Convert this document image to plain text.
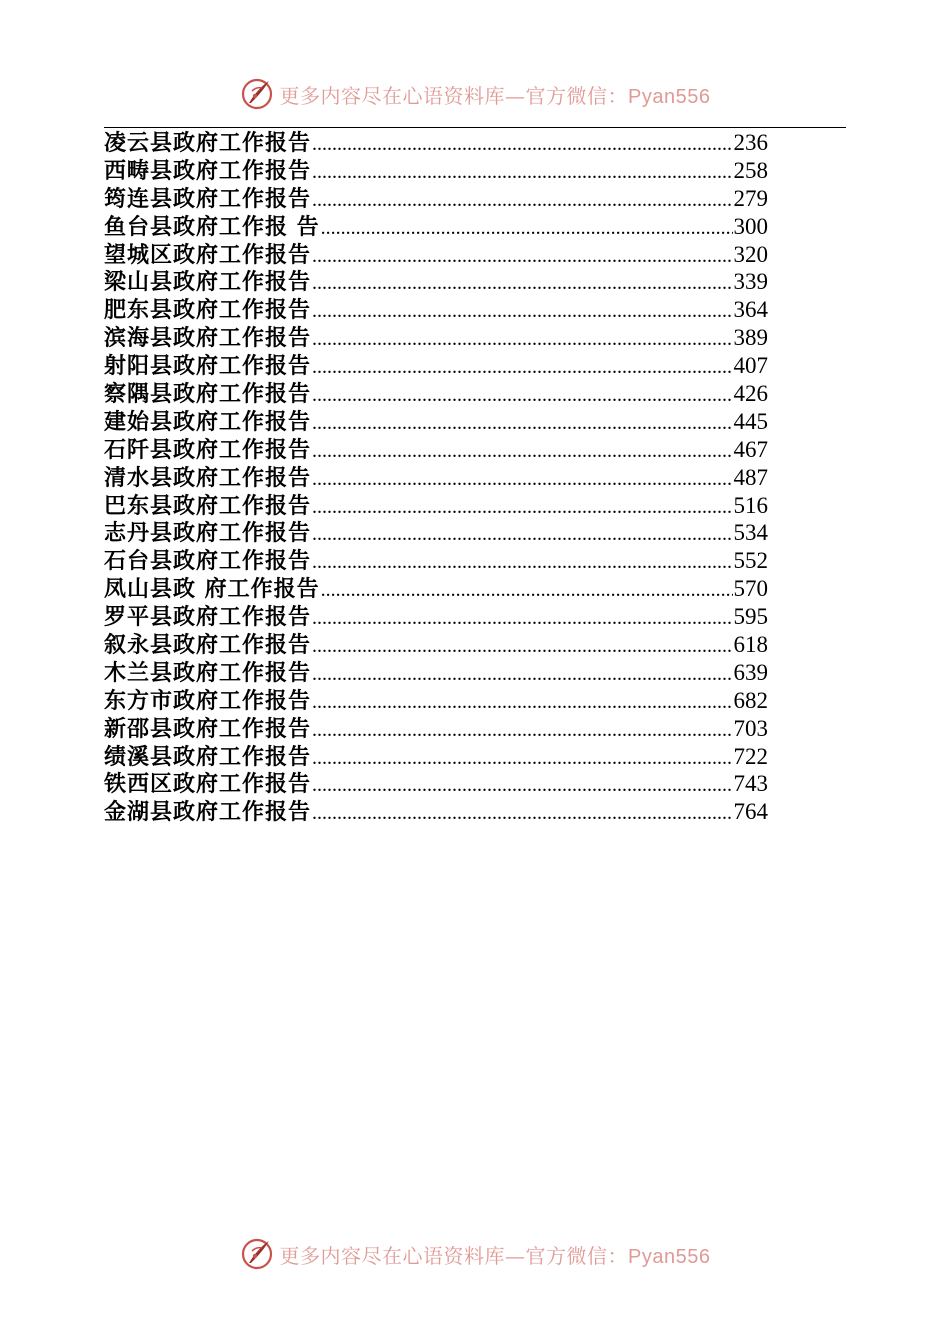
更多内容尽在心语资料库—官方微信：Pyan556
凌云县政府工作报告 .....	236
西畴县政府工作报告 .....	258
筠连县政府工作报告 .....	279
鱼台县政府工作报 告 .....	300
望城区政府工作报告 .....	320
梁山县政府工作报告 .....	339
肥东县政府工作报告 .....	364
滨海县政府工作报告 .....	389
射阳县政府工作报告 .....	407
察隅县政府工作报告 .....	426
建始县政府工作报告 .....	445
石阡县政府工作报告 .....	467
清水县政府工作报告 .....	487
巴东县政府工作报告 .....	516
志丹县政府工作报告 .....	534
石台县政府工作报告 .....	552
凤山县政 府工作报告 .....	570
罗平县政府工作报告 .....	595
叙永县政府工作报告 .....	618
木兰县政府工作报告 .....	639
东方市政府工作报告 .....	682
新邵县政府工作报告 .....	703
绩溪县政府工作报告 .....	722
铁西区政府工作报告 .....	743
金湖县政府工作报告 .....	764
更多内容尽在心语资料库—官方微信：Pyan556
